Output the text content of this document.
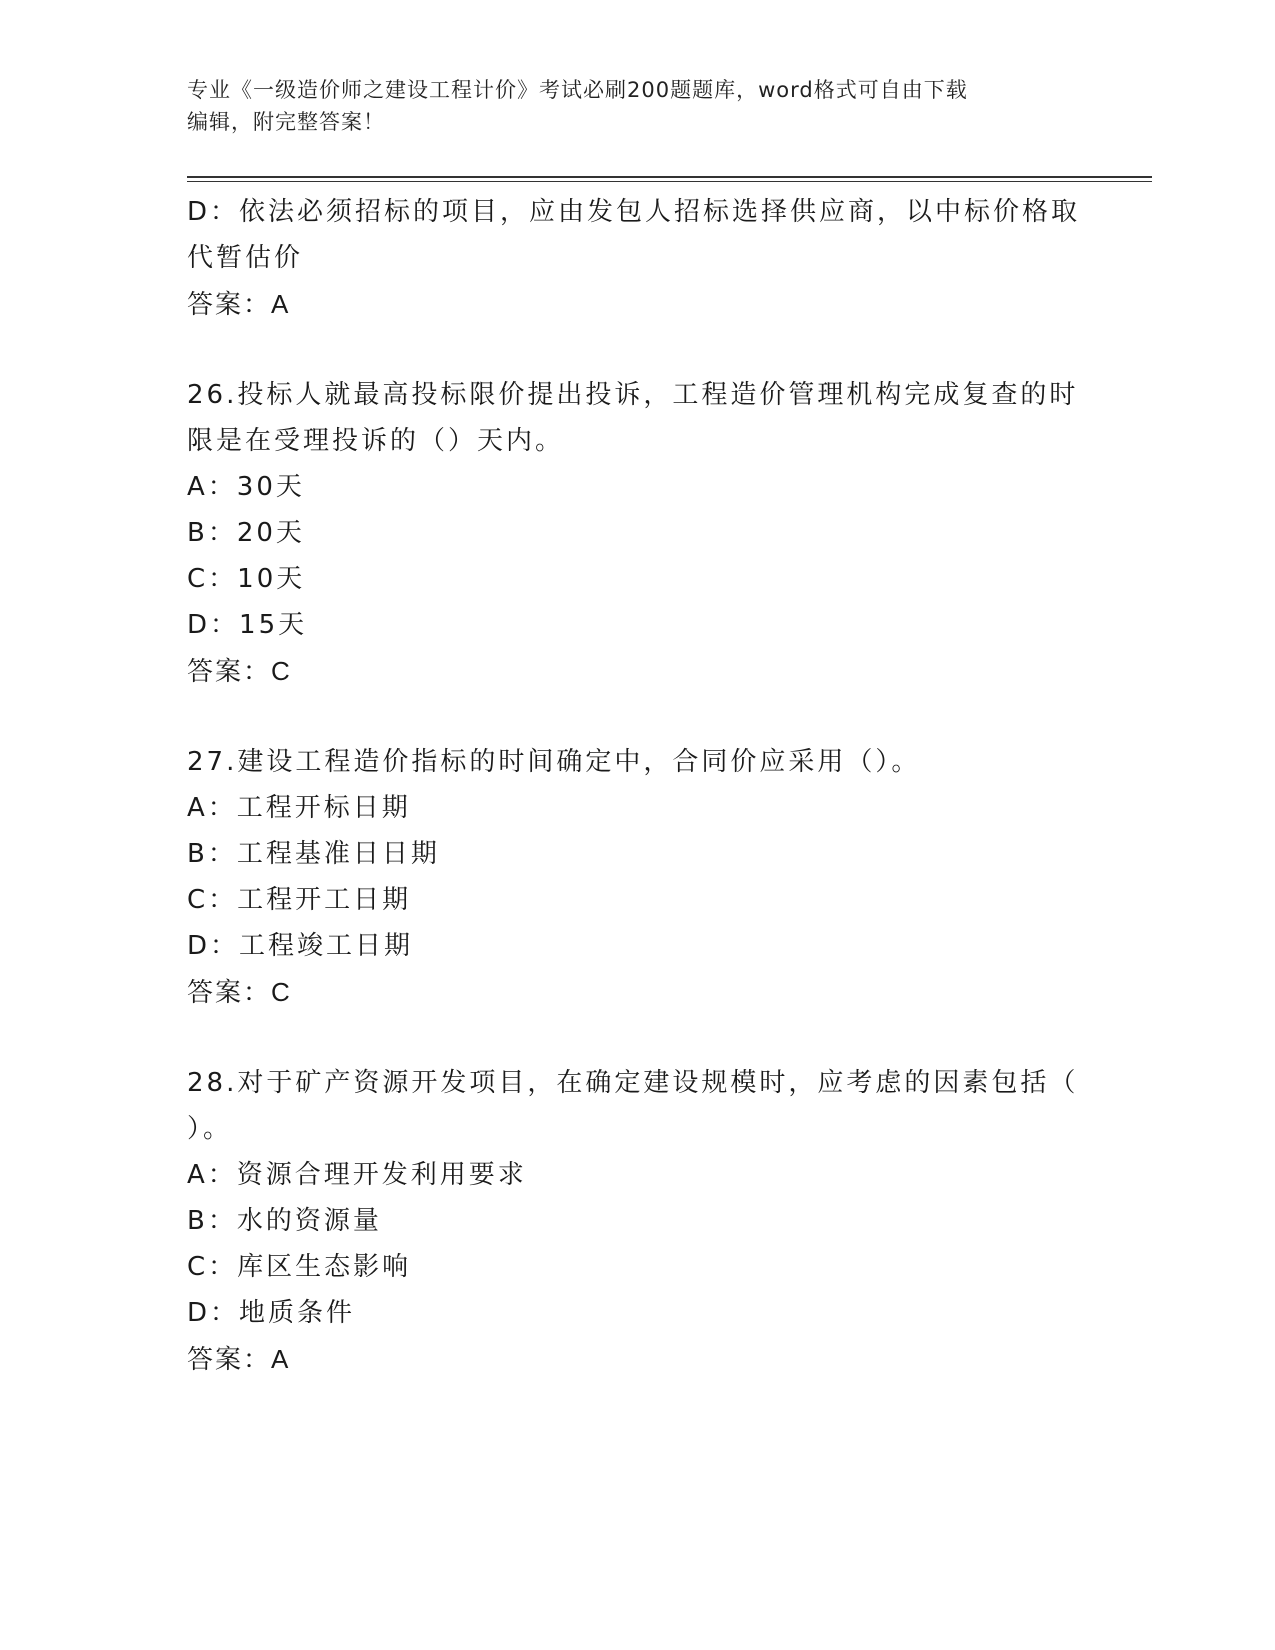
专业《一级造价师之建设工程计价》考试必刷200题题库，word格式可自由下载
编辑，附完整答案！
D：依法必须招标的项目，应由发包人招标选择供应商，以中标价格取
代暂估价
答案：A
26.投标人就最高投标限价提出投诉，工程造价管理机构完成复查的时
限是在受理投诉的（）天内。
A：30天
B：20天
C：10天
D：15天
答案：C
27.建设工程造价指标的时间确定中，合同价应采用（）。
A：工程开标日期
B：工程基准日日期
C：工程开工日期
D：工程竣工日期
答案：C
28.对于矿产资源开发项目，在确定建设规模时，应考虑的因素包括（
）。
A：资源合理开发利用要求
B：水的资源量
C：库区生态影响
D：地质条件
答案：A
